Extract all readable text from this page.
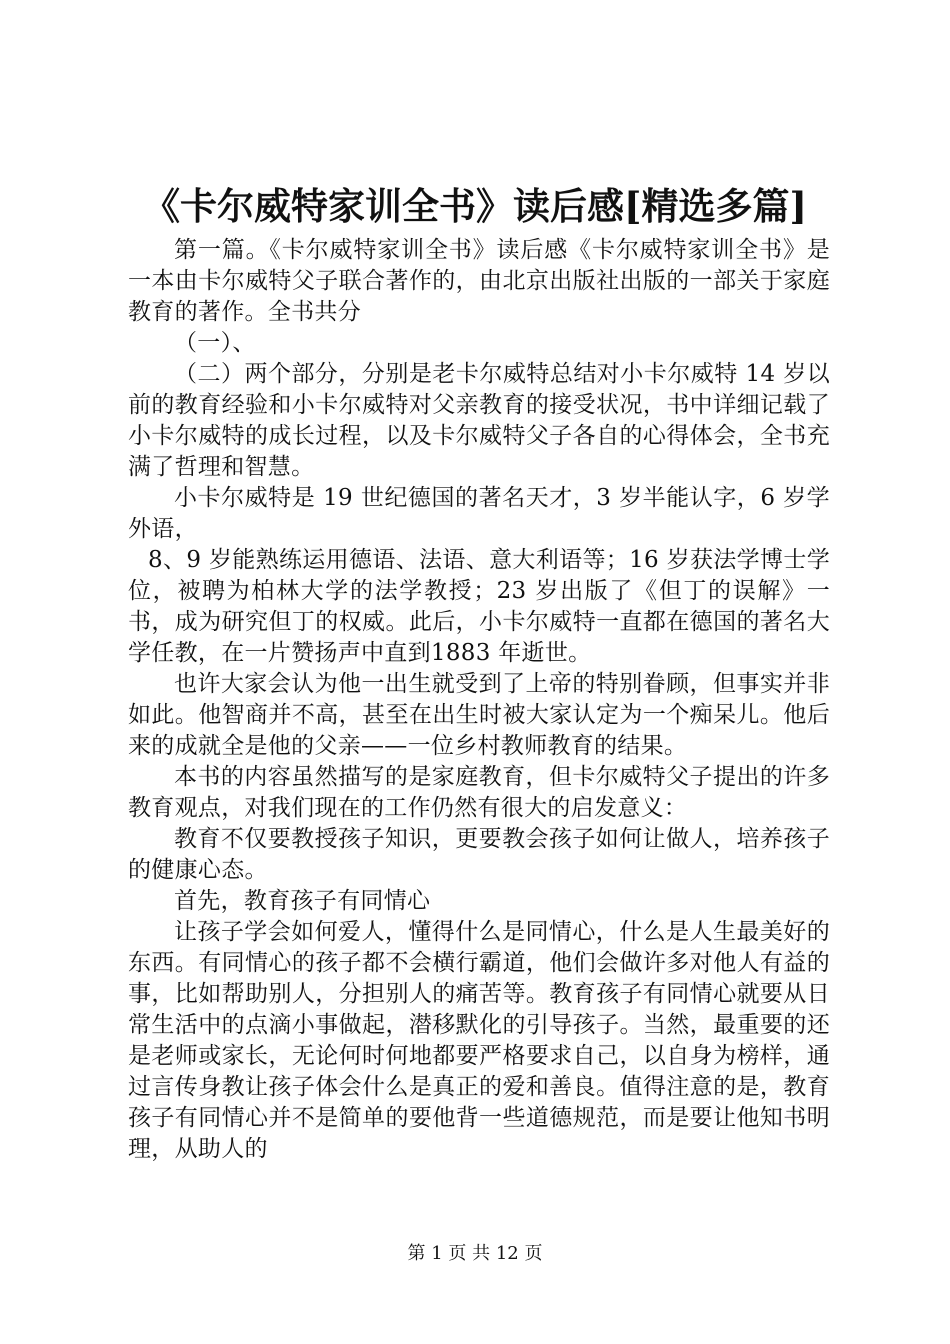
《卡尔威特家训全书》读后感[精选多篇]

第一篇。《卡尔威特家训全书》读后感《卡尔威特家训全书》是一本由卡尔威特父子联合著作的，由北京出版社出版的一部关于家庭教育的著作。全书共分

（一）、

（二）两个部分，分别是老卡尔威特总结对小卡尔威特 14 岁以前的教育经验和小卡尔威特对父亲教育的接受状况，书中详细记载了小卡尔威特的成长过程，以及卡尔威特父子各自的心得体会，全书充满了哲理和智慧。

小卡尔威特是 19 世纪德国的著名天才，3 岁半能认字，6 岁学外语，

8、9 岁能熟练运用德语、法语、意大利语等；16 岁获法学博士学位，被聘为柏林大学的法学教授；23 岁出版了《但丁的误解》一书，成为研究但丁的权威。此后，小卡尔威特一直都在德国的著名大学任教，在一片赞扬声中直到1883 年逝世。

也许大家会认为他一出生就受到了上帝的特别眷顾，但事实并非如此。他智商并不高，甚至在出生时被大家认定为一个痴呆儿。他后来的成就全是他的父亲——一位乡村教师教育的结果。

本书的内容虽然描写的是家庭教育，但卡尔威特父子提出的许多教育观点，对我们现在的工作仍然有很大的启发意义：

教育不仅要教授孩子知识，更要教会孩子如何让做人，培养孩子的健康心态。

首先，教育孩子有同情心

让孩子学会如何爱人，懂得什么是同情心，什么是人生最美好的东西。有同情心的孩子都不会横行霸道，他们会做许多对他人有益的事，比如帮助别人，分担别人的痛苦等。教育孩子有同情心就要从日常生活中的点滴小事做起，潜移默化的引导孩子。当然，最重要的还是老师或家长，无论何时何地都要严格要求自己，以自身为榜样，通过言传身教让孩子体会什么是真正的爱和善良。值得注意的是，教育孩子有同情心并不是简单的要他背一些道德规范，而是要让他知书明理，从助人的

第 1 页 共 12 页
